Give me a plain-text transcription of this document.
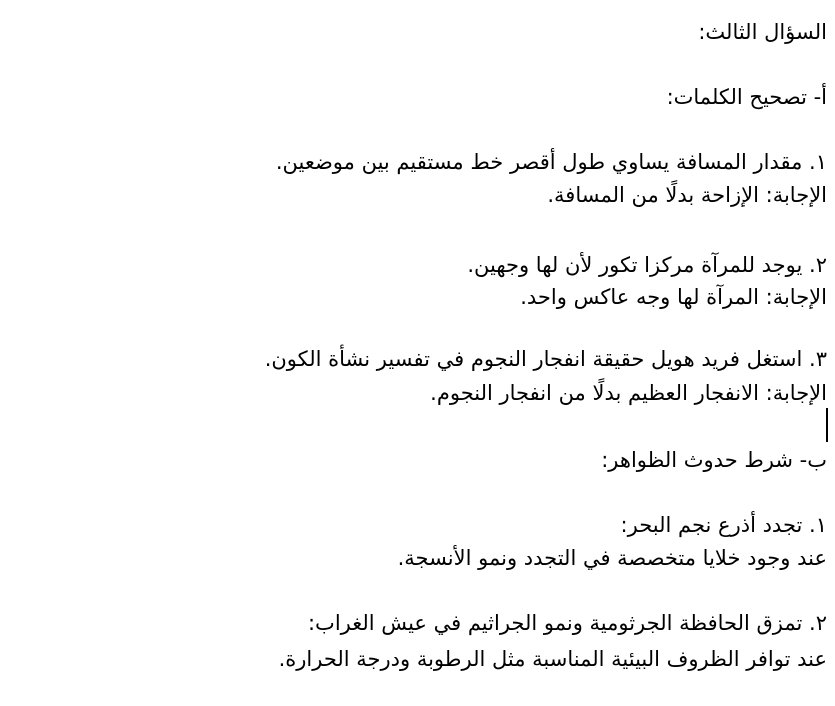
السؤال الثالث:
أ- تصحيح الكلمات:
١. مقدار المسافة يساوي طول أقصر خط مستقيم بين موضعين.
الإجابة: الإزاحة بدلًا من المسافة.
٢. يوجد للمرآة مركزا تكور لأن لها وجهين.
الإجابة: المرآة لها وجه عاكس واحد.
٣. استغل فريد هويل حقيقة انفجار النجوم في تفسير نشأة الكون.
الإجابة: الانفجار العظيم بدلًا من انفجار النجوم.
ب- شرط حدوث الظواهر:
١. تجدد أذرع نجم البحر:
عند وجود خلايا متخصصة في التجدد ونمو الأنسجة.
٢. تمزق الحافظة الجرثومية ونمو الجراثيم في عيش الغراب:
عند توافر الظروف البيئية المناسبة مثل الرطوبة ودرجة الحرارة.
